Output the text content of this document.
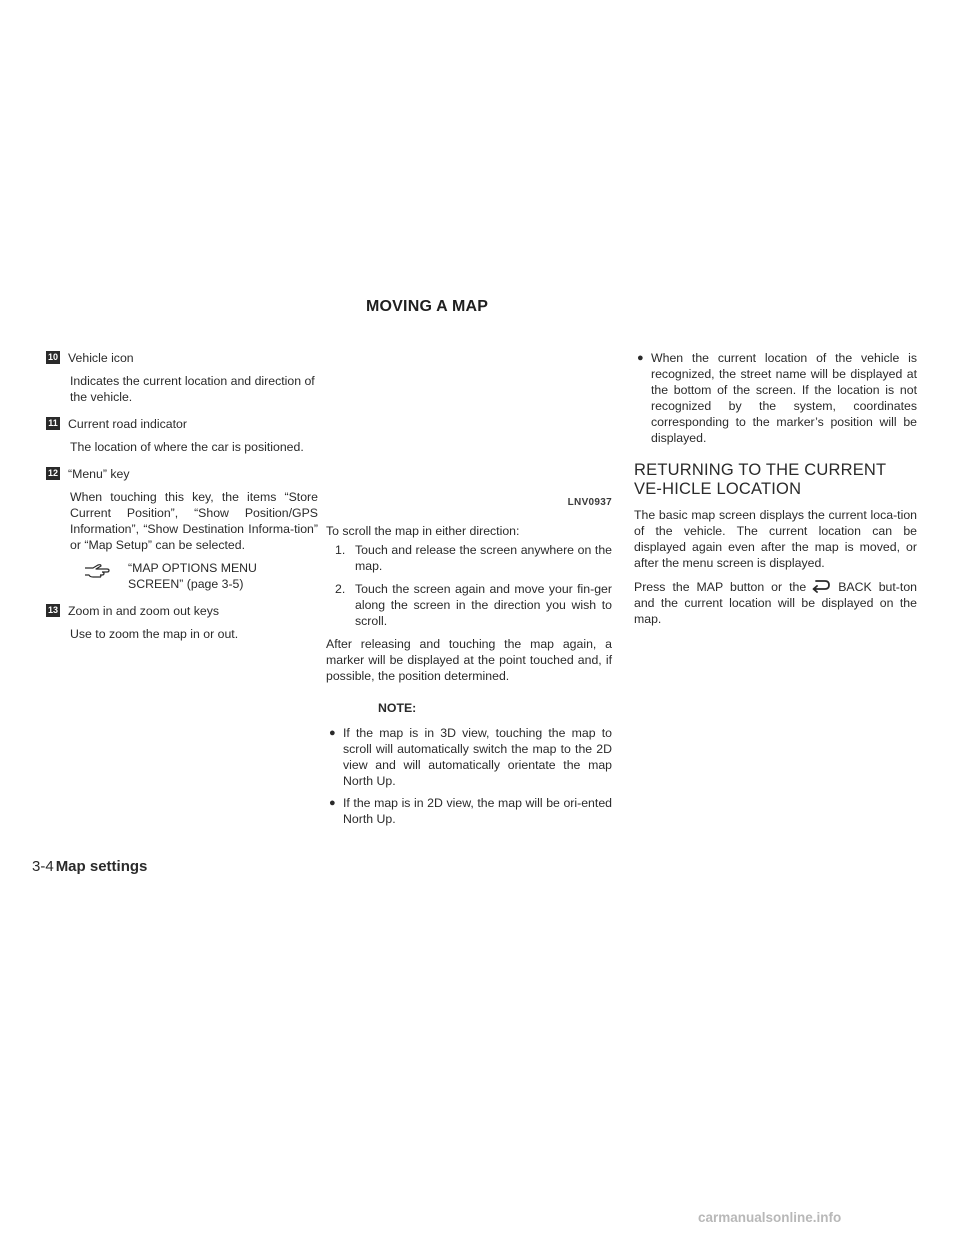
MOVING A MAP
10 Vehicle icon

Indicates the current location and direction of the vehicle.

11 Current road indicator

The location of where the car is positioned.

12 “Menu” key

When touching this key, the items “Store Current Position”, “Show Position/GPS Information”, “Show Destination Informa-tion” or “Map Setup” can be selected.

“MAP OPTIONS MENU SCREEN” (page 3-5)
13 Zoom in and zoom out keys

Use to zoom the map in or out.

LNV0937

To scroll the map in either direction:

1. Touch and release the screen anywhere on the map.
2. Touch the screen again and move your fin-ger along the screen in the direction you wish to scroll.

After releasing and touching the map again, a marker will be displayed at the point touched and, if possible, the position determined.

NOTE:

● If the map is in 3D view, touching the map to scroll will automatically switch the map to the 2D view and will automatically orientate the map North Up.
● If the map is in 2D view, the map will be ori-ented North Up.
● When the current location of the vehicle is recognized, the street name will be displayed at the bottom of the screen. If the location is not recognized by the system, coordinates corresponding to the marker’s position will be displayed.
RETURNING TO THE CURRENT VE-HICLE LOCATION

The basic map screen displays the current loca-tion of the vehicle. The current location can be displayed again even after the map is moved, or after the menu screen is displayed.

Press the MAP button or the	BACK but-ton and the current location will be displayed on the map.

3-4 Map settings
carmanualsonline.info
